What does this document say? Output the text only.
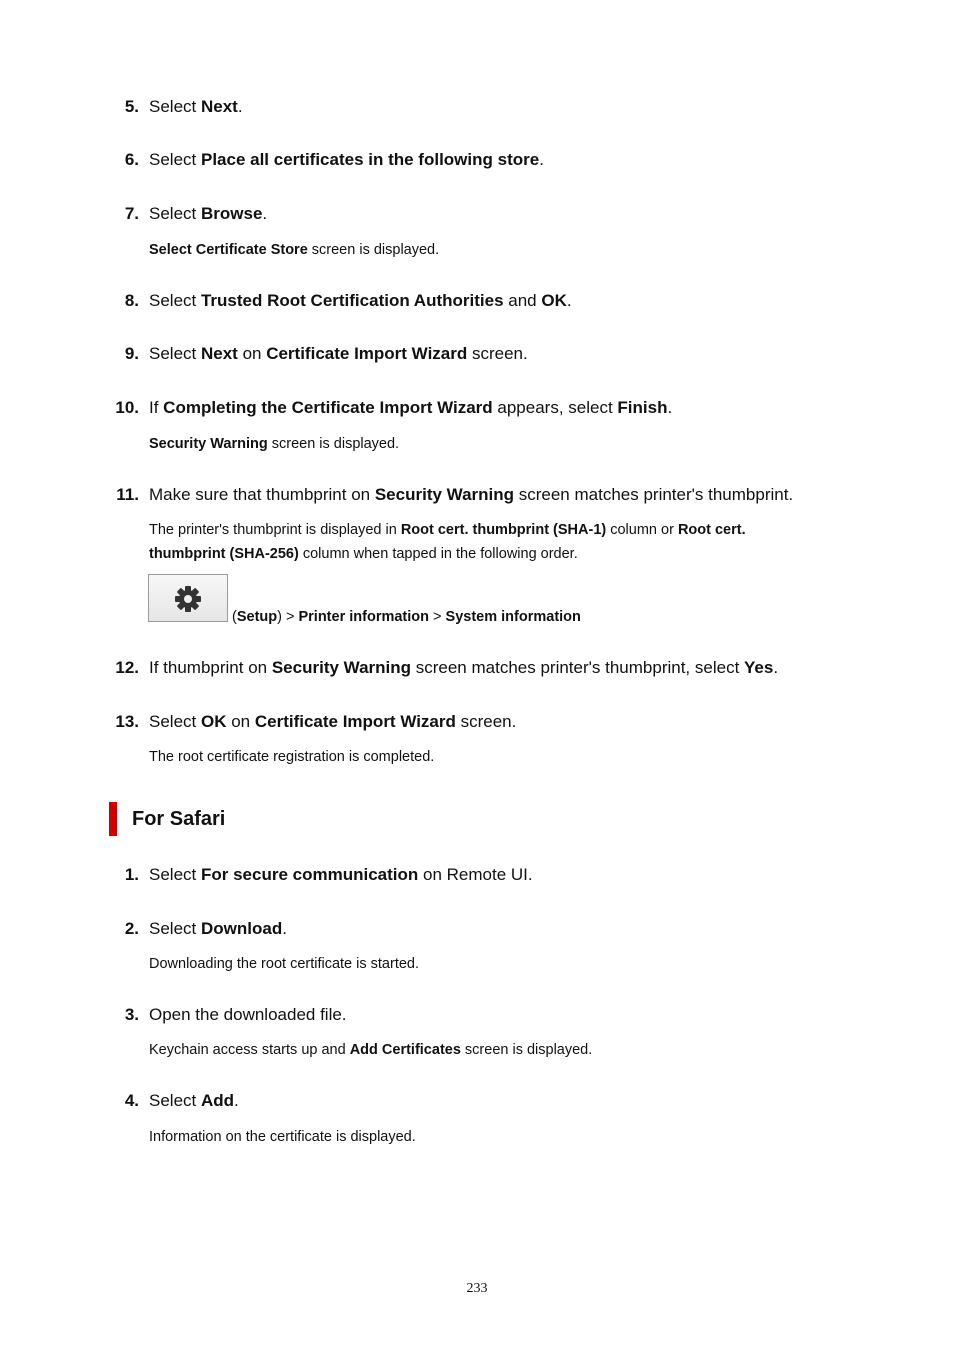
5. Select Next.
6. Select Place all certificates in the following store.
7. Select Browse.
Select Certificate Store screen is displayed.
8. Select Trusted Root Certification Authorities and OK.
9. Select Next on Certificate Import Wizard screen.
10. If Completing the Certificate Import Wizard appears, select Finish.
Security Warning screen is displayed.
11. Make sure that thumbprint on Security Warning screen matches printer's thumbprint.
The printer's thumbprint is displayed in Root cert. thumbprint (SHA-1) column or Root cert. thumbprint (SHA-256) column when tapped in the following order.
(Setup) > Printer information > System information
12. If thumbprint on Security Warning screen matches printer's thumbprint, select Yes.
13. Select OK on Certificate Import Wizard screen.
The root certificate registration is completed.
For Safari
1. Select For secure communication on Remote UI.
2. Select Download.
Downloading the root certificate is started.
3. Open the downloaded file.
Keychain access starts up and Add Certificates screen is displayed.
4. Select Add.
Information on the certificate is displayed.
233
